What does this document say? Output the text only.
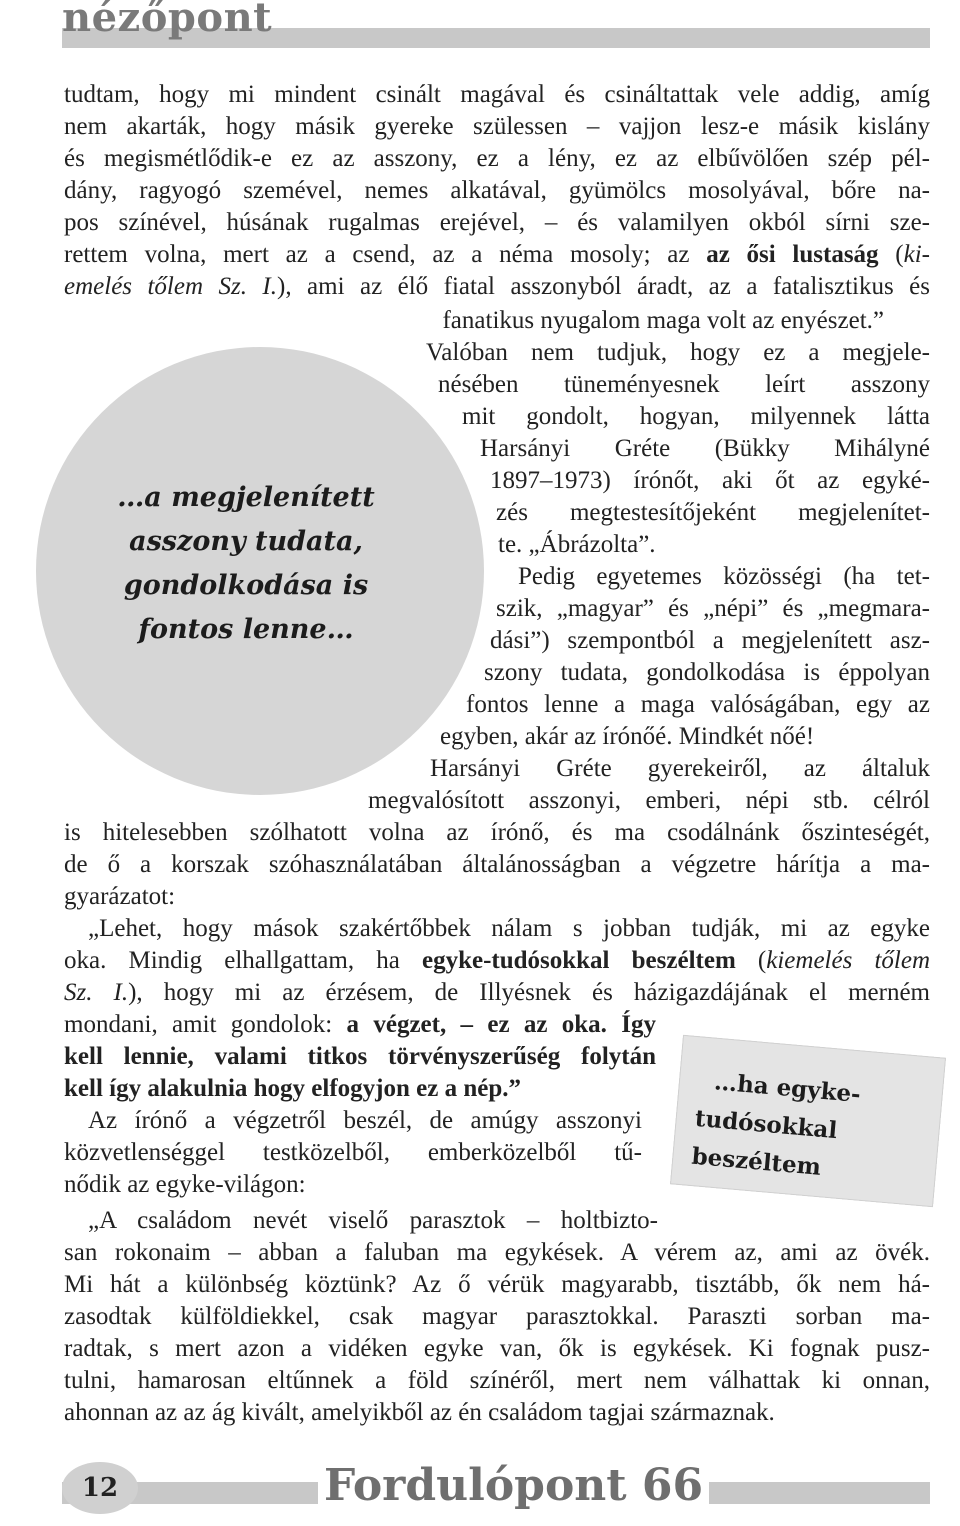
nézőpont
tudtam, hogy mi mindent csinált magával és csináltattak vele addig, amíg
nem akarták, hogy másik gyereke szülessen – vajjon lesz-e másik kislány
és megismétlődik-e ez az asszony, ez a lény, ez az elbűvölően szép pél-
dány, ragyogó szemével, nemes alkatával, gyümölcs mosolyával, bőre na-
pos színével, húsának rugalmas erejével, – és valamilyen okból sírni sze-
rettem volna, mert az a csend, az a néma mosoly; az az ősi lustaság (ki-
emelés tőlem Sz. I.), ami az élő fiatal asszonyból áradt, az a fatalisztikus és
…a megjelenített
asszony tudata,
gondolkodása is
fontos lenne…
fanatikus nyugalom maga volt az enyészet.”
Valóban nem tudjuk, hogy ez a megjele-
nésében tüneményesnek leírt asszony
mit gondolt, hogyan, milyennek látta
Harsányi Gréte (Bükky Mihályné
1897–1973) írónőt, aki őt az egyké-
zés megtestesítőjeként megjelenítet-
te. „Ábrázolta”.
Pedig egyetemes közösségi (ha tet-
szik, „magyar” és „népi” és „megmara-
dási”) szempontból a megjelenített asz-
szony tudata, gondolkodása is éppolyan
fontos lenne a maga valóságában, egy az
egyben, akár az írónőé. Mindkét nőé!
Harsányi Gréte gyerekeiről, az általuk
megvalósított asszonyi, emberi, népi stb. célról
is hitelesebben szólhatott volna az írónő, és ma csodálnánk őszinteségét,
de ő a korszak szóhasználatában általánosságban a végzetre hárítja a ma-
gyarázatot:
„Lehet, hogy mások szakértőbbek nálam s jobban tudják, mi az egyke
oka. Mindig elhallgattam, ha egyke-tudósokkal beszéltem (kiemelés tőlem
Sz. I.), hogy mi az érzésem, de Illyésnek és házigazdájának el merném
mondani, amit gondolok: a végzet, – ez az oka. Így
kell lennie, valami titkos törvényszerűség folytán
kell így alakulnia hogy elfogyjon ez a nép.”	…ha egyke-
tudósokkal
beszéltem
Az írónő a végzetről beszél, de amúgy asszonyi
közvetlenséggel testközelből, emberközelből tű-
nődik az egyke-világon:
„A családom nevét viselő parasztok – holtbizto-
san rokonaim – abban a faluban ma egykések. A vérem az, ami az övék.
Mi hát a különbség köztünk? Az ő vérük magyarabb, tisztább, ők nem há-
zasodtak külföldiekkel, csak magyar parasztokkal. Paraszti sorban ma-
radtak, s mert azon a vidéken egyke van, ők is egykések. Ki fognak pusz-
tulni, hamarosan eltűnnek a föld színéről, mert nem válhattak ki onnan,
ahonnan az az ág kivált, amelyikből az én családom tagjai származnak.
12	Fordulópont 66
